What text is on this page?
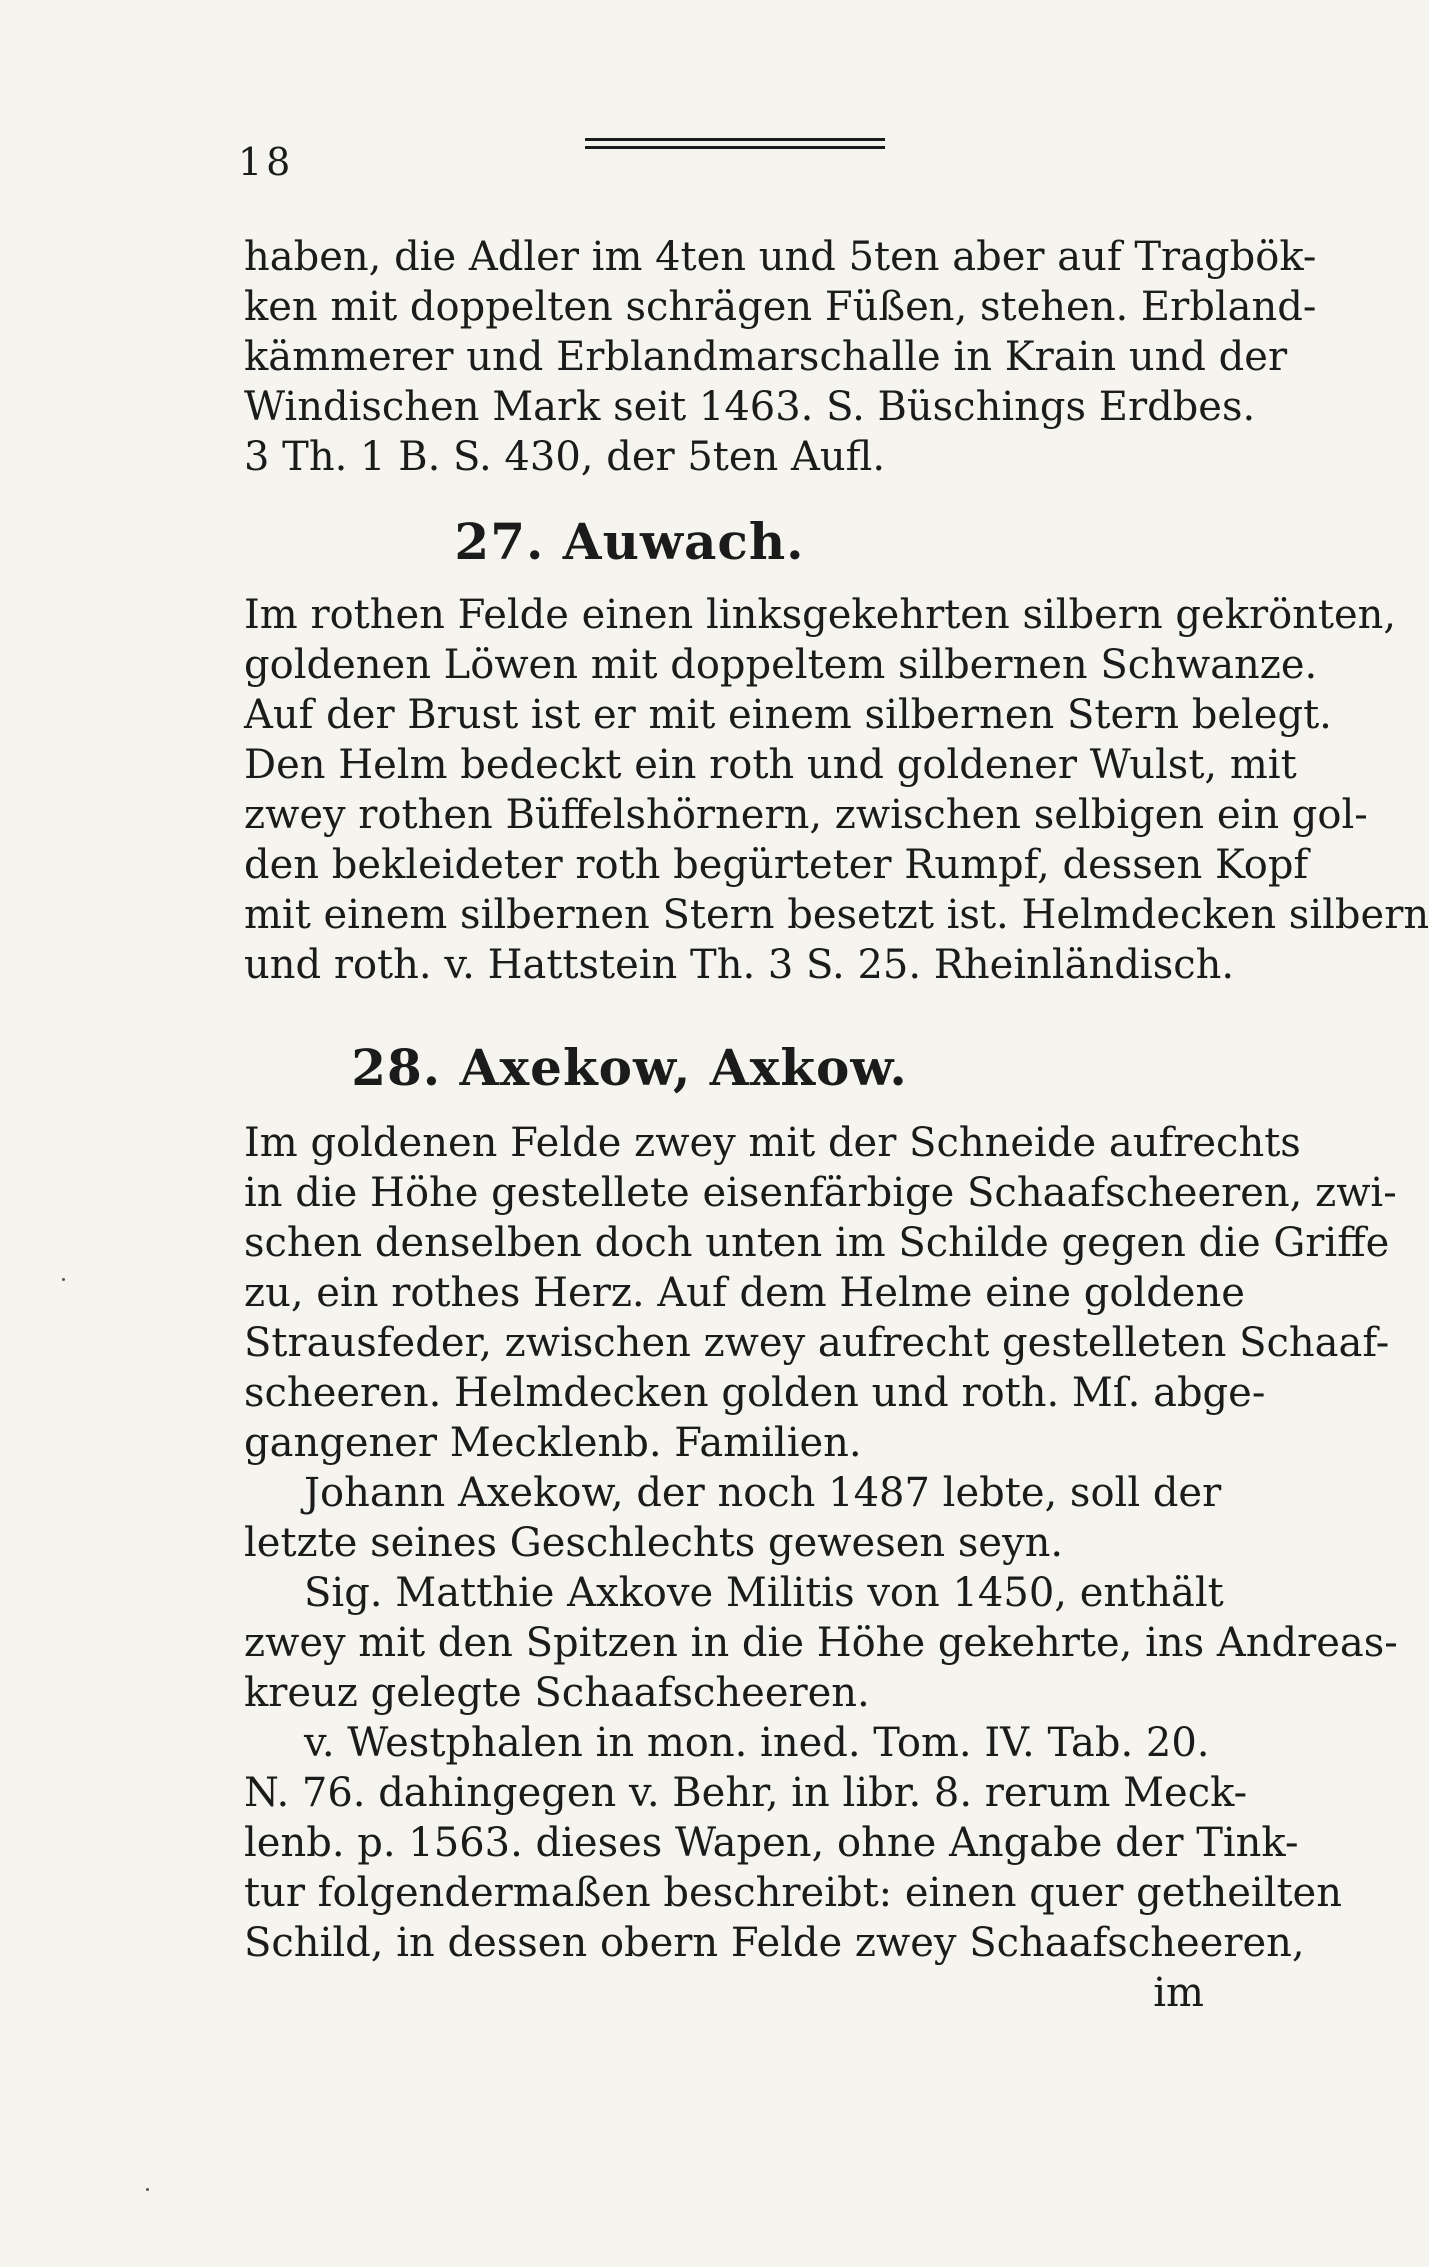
18
haben, die Adler im 4ten und 5ten aber auf Tragbök-
ken mit doppelten schrägen Füßen, stehen. Erbland-
kämmerer und Erblandmarschalle in Krain und der
Windischen Mark seit 1463. S. Büschings Erdbes.
3 Th. 1 B. S. 430, der 5ten Aufl.
27. Auwach.
Im rothen Felde einen linksgekehrten silbern gekrönten,
goldenen Löwen mit doppeltem silbernen Schwanze.
Auf der Brust ist er mit einem silbernen Stern belegt.
Den Helm bedeckt ein roth und goldener Wulst, mit
zwey rothen Büffelshörnern, zwischen selbigen ein gol-
den bekleideter roth begürteter Rumpf, dessen Kopf
mit einem silbernen Stern besetzt ist. Helmdecken silbern
und roth. v. Hattstein Th. 3 S. 25. Rheinländisch.
28. Axekow, Axkow.
Im goldenen Felde zwey mit der Schneide aufrechts
in die Höhe gestellete eisenfärbige Schaafscheeren, zwi-
schen denselben doch unten im Schilde gegen die Griffe
zu, ein rothes Herz. Auf dem Helme eine goldene
Strausfeder, zwischen zwey aufrecht gestelleten Schaaf-
scheeren. Helmdecken golden und roth. Mſ. abge-
gangener Mecklenb. Familien.
Johann Axekow, der noch 1487 lebte, soll der
letzte seines Geschlechts gewesen seyn.
Sig. Matthie Axkove Militis von 1450, enthält
zwey mit den Spitzen in die Höhe gekehrte, ins Andreas-
kreuz gelegte Schaafscheeren.
v. Westphalen in mon. ined. Tom. IV. Tab. 20.
N. 76. dahingegen v. Behr, in libr. 8. rerum Meck-
lenb. p. 1563. dieses Wapen, ohne Angabe der Tink-
tur folgendermaßen beschreibt: einen quer getheilten
Schild, in dessen obern Felde zwey Schaafscheeren,
im
